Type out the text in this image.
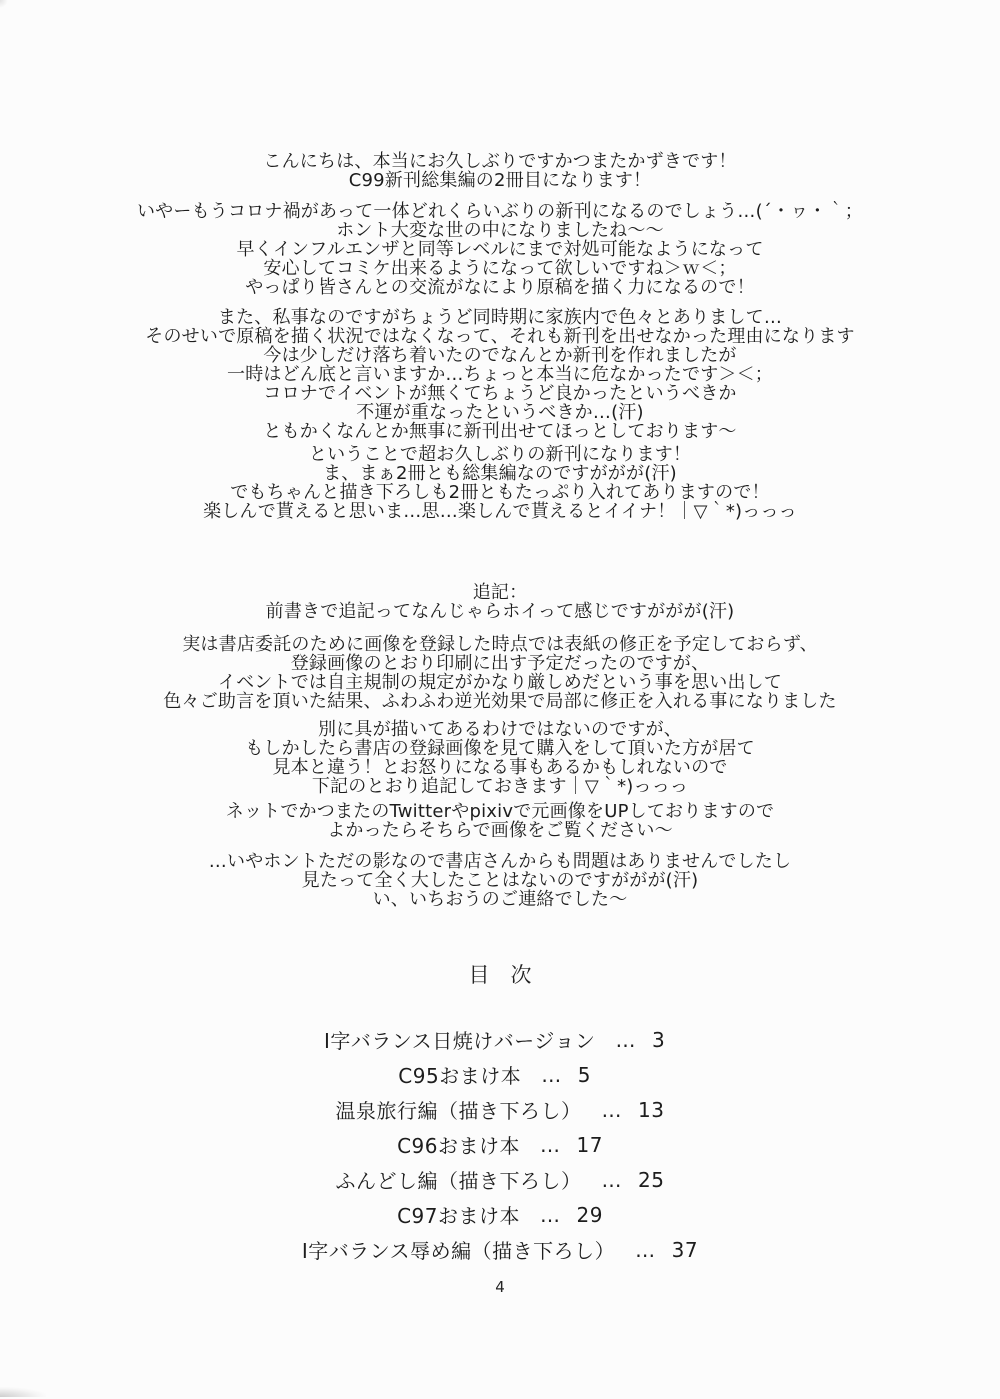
こんにちは、本当にお久しぶりですかつまたかずきです！
C99新刊総集編の2冊目になります！
いやーもうコロナ禍があって一体どれくらいぶりの新刊になるのでしょう…(´・ヮ・｀；
ホント大変な世の中になりましたね～～
早くインフルエンザと同等レベルにまで対処可能なようになって
安心してコミケ出来るようになって欲しいですね＞ｗ＜；
やっぱり皆さんとの交流がなにより原稿を描く力になるので！
また、私事なのですがちょうど同時期に家族内で色々とありまして…
そのせいで原稿を描く状況ではなくなって、それも新刊を出せなかった理由になります
今は少しだけ落ち着いたのでなんとか新刊を作れましたが
一時はどん底と言いますか…ちょっと本当に危なかったです＞＜；
コロナでイベントが無くてちょうど良かったというべきか
不運が重なったというべきか…(汗)
ともかくなんとか無事に新刊出せてほっとしております～
ということで超お久しぶりの新刊になります！
ま、まぁ2冊とも総集編なのですががが(汗)
でもちゃんと描き下ろしも2冊ともたっぷり入れてありますので！
楽しんで貰えると思いま…思…楽しんで貰えるとイイナ！｜▽｀*)っっっ
追記：
前書きで追記ってなんじゃらホイって感じですががが(汗)
実は書店委託のために画像を登録した時点では表紙の修正を予定しておらず、
登録画像のとおり印刷に出す予定だったのですが、
イベントでは自主規制の規定がかなり厳しめだという事を思い出して
色々ご助言を頂いた結果、ふわふわ逆光効果で局部に修正を入れる事になりました
別に具が描いてあるわけではないのですが、
もしかしたら書店の登録画像を見て購入をして頂いた方が居て
見本と違う！とお怒りになる事もあるかもしれないので
下記のとおり追記しておきます｜▽｀*)っっっ
ネットでかつまたのTwitterやpixivで元画像をUPしておりますので
よかったらそちらで画像をご覧ください～
…いやホントただの影なので書店さんからも問題はありませんでしたし
見たって全く大したことはないのですががが(汗)
い、いちおうのご連絡でした～
目　次
I字バランス日焼けバージョン … 3
C95おまけ本 … 5
温泉旅行編（描き下ろし） … 13
C96おまけ本 … 17
ふんどし編（描き下ろし） … 25
C97おまけ本 … 29
I字バランス辱め編（描き下ろし） … 37
4
